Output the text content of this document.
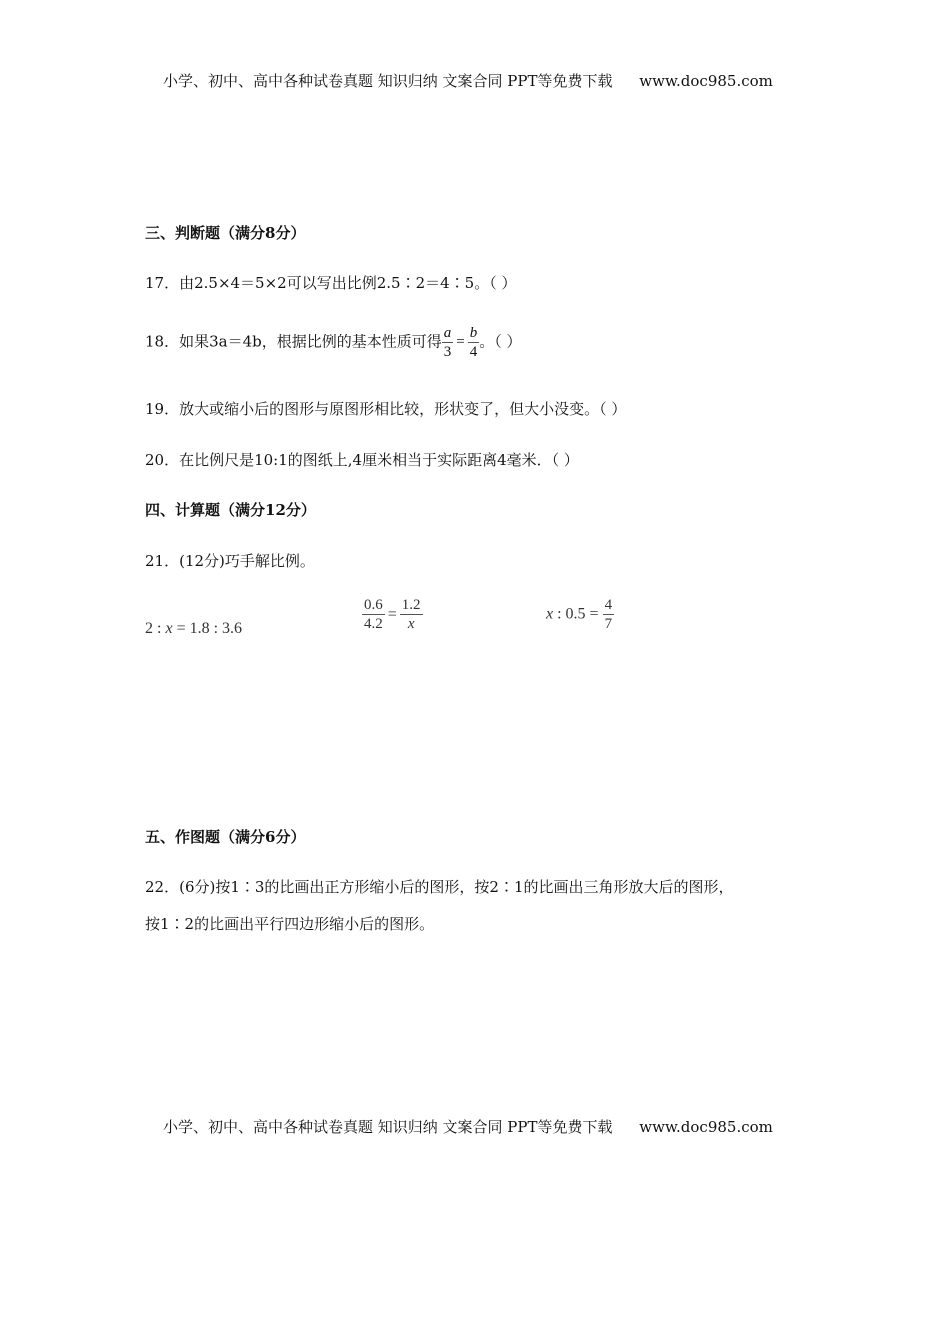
小学、初中、高中各种试卷真题 知识归纳 文案合同 PPT等免费下载 www.doc985.com
三、判断题（满分8分）
17．由2.5×4＝5×2可以写出比例2.5∶2＝4∶5。（ ）
18．如果3a＝4b，根据比例的基本性质可得 $\frac{a}{3} = \frac{b}{4}$ 。（ ）
19．放大或缩小后的图形与原图形相比较，形状变了，但大小没变。（ ）
20．在比例尺是10:1的图纸上,4厘米相当于实际距离4毫米．（ ）
四、计算题（满分12分）
21．(12分)巧手解比例。
2 : x = 1.8 : 3.6	$\frac{0.6}{4.2} = \frac{1.2}{x}$	x : $0.5 = \frac{4}{7}$
五、作图题（满分6分）
22．(6分)按1∶3的比画出正方形缩小后的图形，按2∶1的比画出三角形放大后的图形，
按1∶2的比画出平行四边形缩小后的图形。
小学、初中、高中各种试卷真题 知识归纳 文案合同 PPT等免费下载 www.doc985.com
